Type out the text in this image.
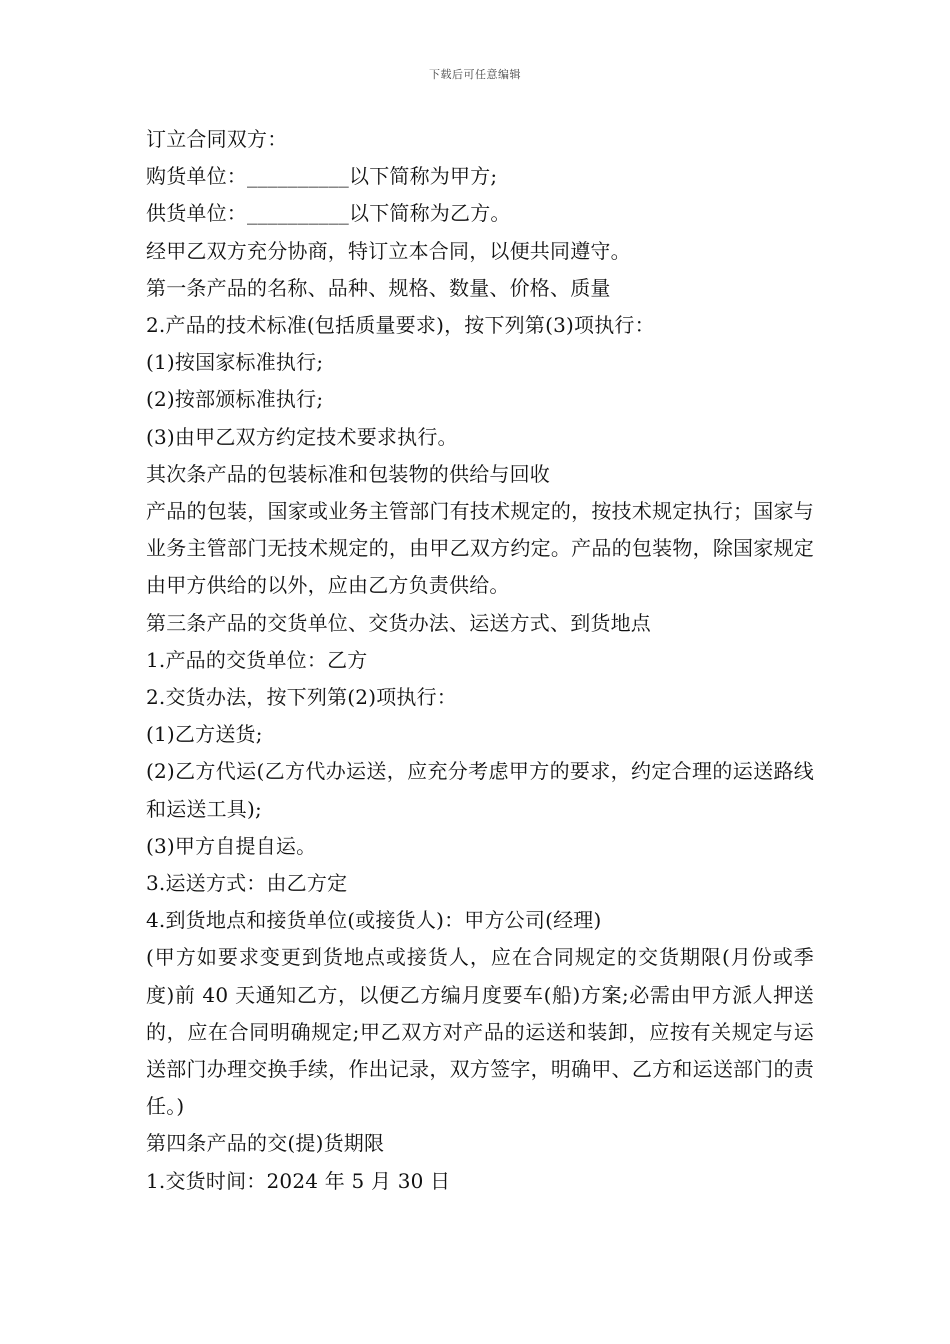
下载后可任意编辑

订立合同双方：

购货单位：__________以下简称为甲方;

供货单位：__________以下简称为乙方。

经甲乙双方充分协商，特订立本合同，以便共同遵守。

第一条产品的名称、品种、规格、数量、价格、质量

2.产品的技术标准(包括质量要求)，按下列第(3)项执行：

(1)按国家标准执行;

(2)按部颁标准执行;

(3)由甲乙双方约定技术要求执行。

其次条产品的包装标准和包装物的供给与回收

产品的包装，国家或业务主管部门有技术规定的，按技术规定执行；国家与业务主管部门无技术规定的，由甲乙双方约定。产品的包装物，除国家规定由甲方供给的以外，应由乙方负责供给。

第三条产品的交货单位、交货办法、运送方式、到货地点

1.产品的交货单位：乙方

2.交货办法，按下列第(2)项执行：

(1)乙方送货;

(2)乙方代运(乙方代办运送，应充分考虑甲方的要求，约定合理的运送路线和运送工具);

(3)甲方自提自运。

3.运送方式：由乙方定

4.到货地点和接货单位(或接货人)：甲方公司(经理)

(甲方如要求变更到货地点或接货人，应在合同规定的交货期限(月份或季度)前 40 天通知乙方，以便乙方编月度要车(船)方案;必需由甲方派人押送的，应在合同明确规定;甲乙双方对产品的运送和装卸，应按有关规定与运送部门办理交换手续，作出记录，双方签字，明确甲、乙方和运送部门的责任。)

第四条产品的交(提)货期限

1.交货时间：2024 年 5 月 30 日
